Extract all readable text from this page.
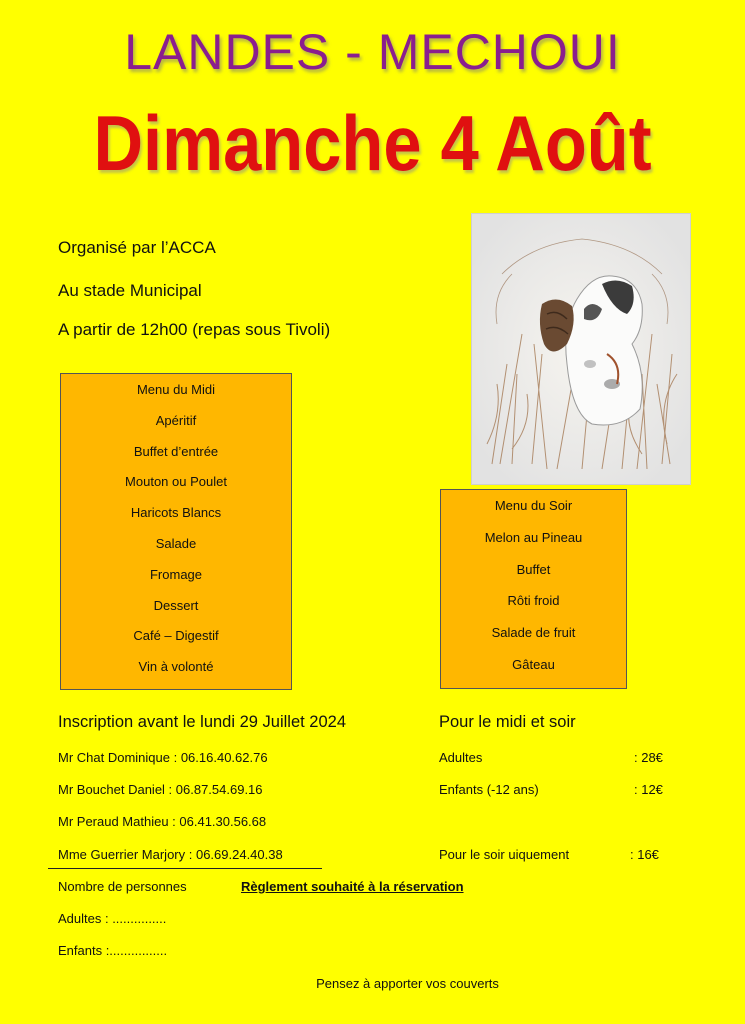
LANDES - MECHOUI
Dimanche 4 Août
Organisé par l’ACCA
Au stade Municipal
A partir de 12h00 (repas sous Tivoli)
Menu du Midi
Apéritif
Buffet d’entrée
Mouton ou Poulet
Haricots Blancs
Salade
Fromage
Dessert
Café – Digestif
Vin à volonté
Menu du Soir
Melon au Pineau
Buffet
Rôti froid
Salade de fruit
Gâteau
Inscription avant le lundi 29 Juillet 2024	Pour le midi et soir
Mr Chat Dominique : 06.16.40.62.76
Mr Bouchet Daniel : 06.87.54.69.16
Mr Peraud Mathieu : 06.41.30.56.68
Mme Guerrier Marjory : 06.69.24.40.38
Adultes	: 28€
Enfants (-12 ans)	: 12€
Pour le soir uiquement	: 16€
Nombre de personnes	Règlement souhaité à la réservation
Adultes : ...............
Enfants :................
Pensez à apporter vos couverts
